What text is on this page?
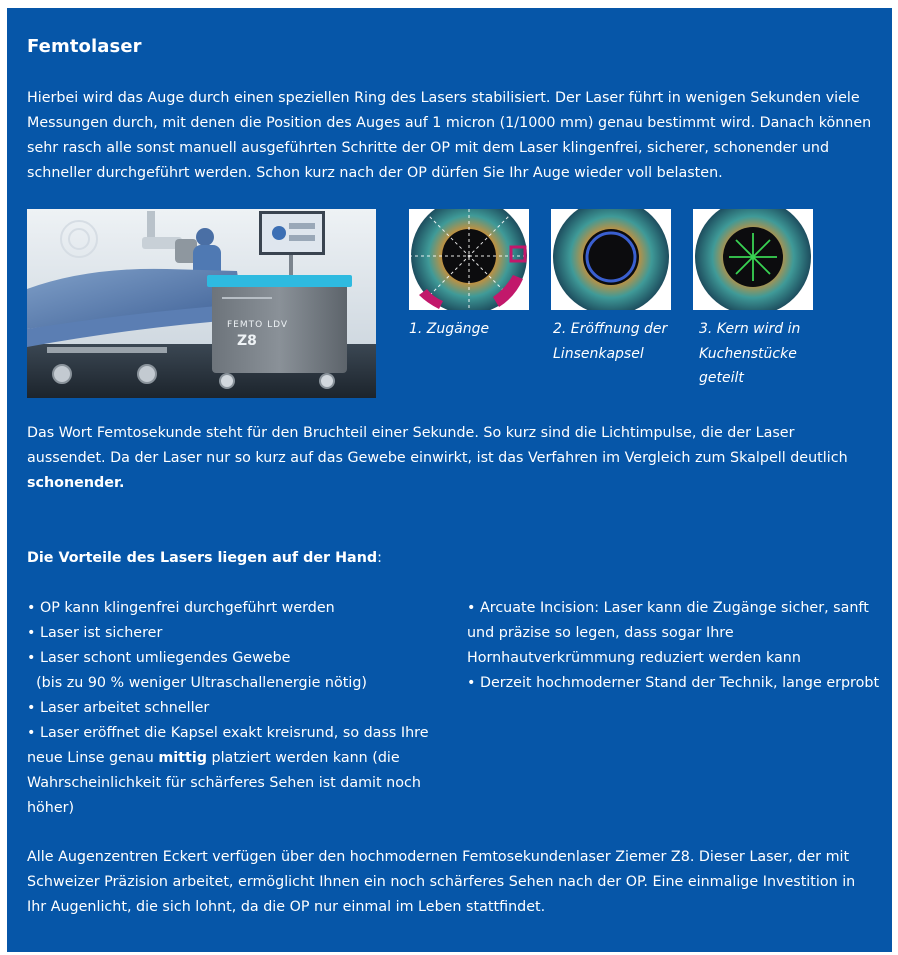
Femtolaser
Hierbei wird das Auge durch einen speziellen Ring des Lasers stabilisiert. Der Laser führt in wenigen Sekunden viele Messungen durch, mit denen die Position des Auges auf 1 micron (1/1000 mm) genau bestimmt wird. Danach können sehr rasch alle sonst manuell ausgeführten Schritte der OP mit dem Laser klingenfrei, sicherer, schonender und schneller durchgeführt werden. Schon kurz nach der OP dürfen Sie Ihr Auge wieder voll belasten.
FEMTO LDV
Z8
1. Zugänge	2. Eröffnung der Linsenkapsel
3. Kern wird in Kuchenstücke geteilt
Das Wort Femtosekunde steht für den Bruchteil einer Sekunde. So kurz sind die Lichtimpulse, die der Laser aussendet. Da der Laser nur so kurz auf das Gewebe einwirkt, ist das Verfahren im Vergleich zum Skalpell deutlich schonender.
Die Vorteile des Lasers liegen auf der Hand:
• OP kann klingenfrei durchgeführt werden
• Laser ist sicherer
• Laser schont umliegendes Gewebe
(bis zu 90 % weniger Ultraschallenergie nötig)
• Laser arbeitet schneller
• Laser eröffnet die Kapsel exakt kreisrund, so dass Ihre neue Linse genau mittig platziert werden kann (die Wahrscheinlichkeit für schärferes Sehen ist damit noch höher)
• Arcuate Incision: Laser kann die Zugänge sicher, sanft und präzise so legen, dass sogar Ihre Hornhautverkrümmung reduziert werden kann
• Derzeit hochmoderner Stand der Technik, lange erprobt
Alle Augenzentren Eckert verfügen über den hochmodernen Femtosekundenlaser Ziemer Z8. Dieser Laser, der mit Schweizer Präzision arbeitet, ermöglicht Ihnen ein noch schärferes Sehen nach der OP. Eine einmalige Investition in Ihr Augenlicht, die sich lohnt, da die OP nur einmal im Leben stattfindet.
